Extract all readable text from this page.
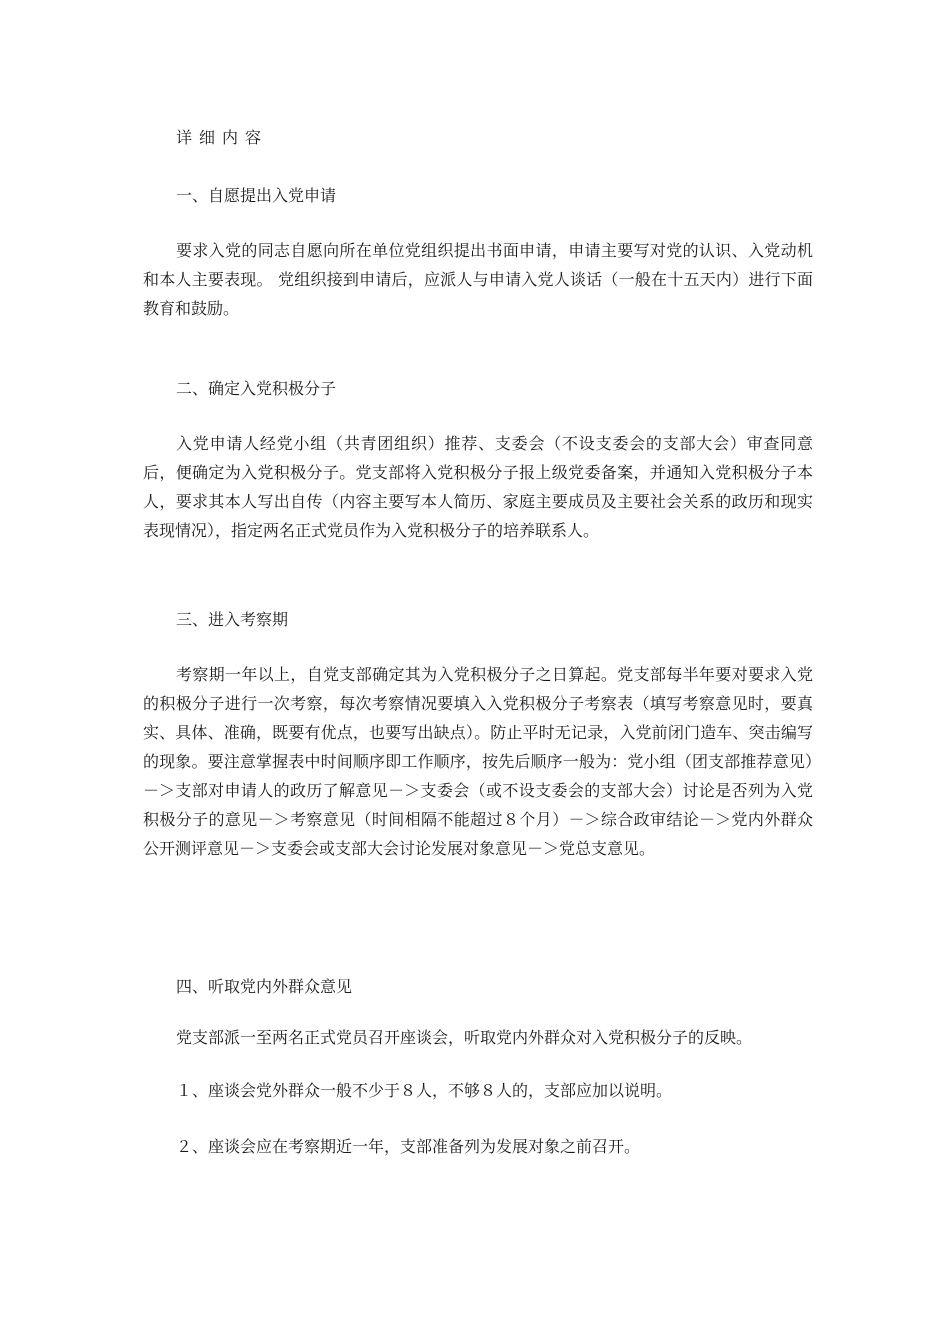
详细内容

一、自愿提出入党申请

要求入党的同志自愿向所在单位党组织提出书面申请，申请主要写对党的认识、入党动机和本人主要表现。 党组织接到申请后，应派人与申请入党人谈话（一般在十五天内）进行下面教育和鼓励。

二、确定入党积极分子

入党申请人经党小组（共青团组织）推荐、支委会（不设支委会的支部大会）审查同意后，便确定为入党积极分子。党支部将入党积极分子报上级党委备案，并通知入党积极分子本人，要求其本人写出自传（内容主要写本人简历、家庭主要成员及主要社会关系的政历和现实表现情况），指定两名正式党员作为入党积极分子的培养联系人。

三、进入考察期

考察期一年以上，自党支部确定其为入党积极分子之日算起。党支部每半年要对要求入党的积极分子进行一次考察，每次考察情况要填入入党积极分子考察表（填写考察意见时，要真实、具体、准确，既要有优点，也要写出缺点）。防止平时无记录，入党前闭门造车、突击编写的现象。要注意掌握表中时间顺序即工作顺序，按先后顺序一般为：党小组（团支部推荐意见）－＞支部对申请人的政历了解意见－＞支委会（或不设支委会的支部大会）讨论是否列为入党积极分子的意见－＞考察意见（时间相隔不能超过８个月）－＞综合政审结论－＞党内外群众公开测评意见－＞支委会或支部大会讨论发展对象意见－＞党总支意见。

四、听取党内外群众意见

党支部派一至两名正式党员召开座谈会，听取党内外群众对入党积极分子的反映。

１、座谈会党外群众一般不少于８人，不够８人的，支部应加以说明。

２、座谈会应在考察期近一年，支部准备列为发展对象之前召开。
